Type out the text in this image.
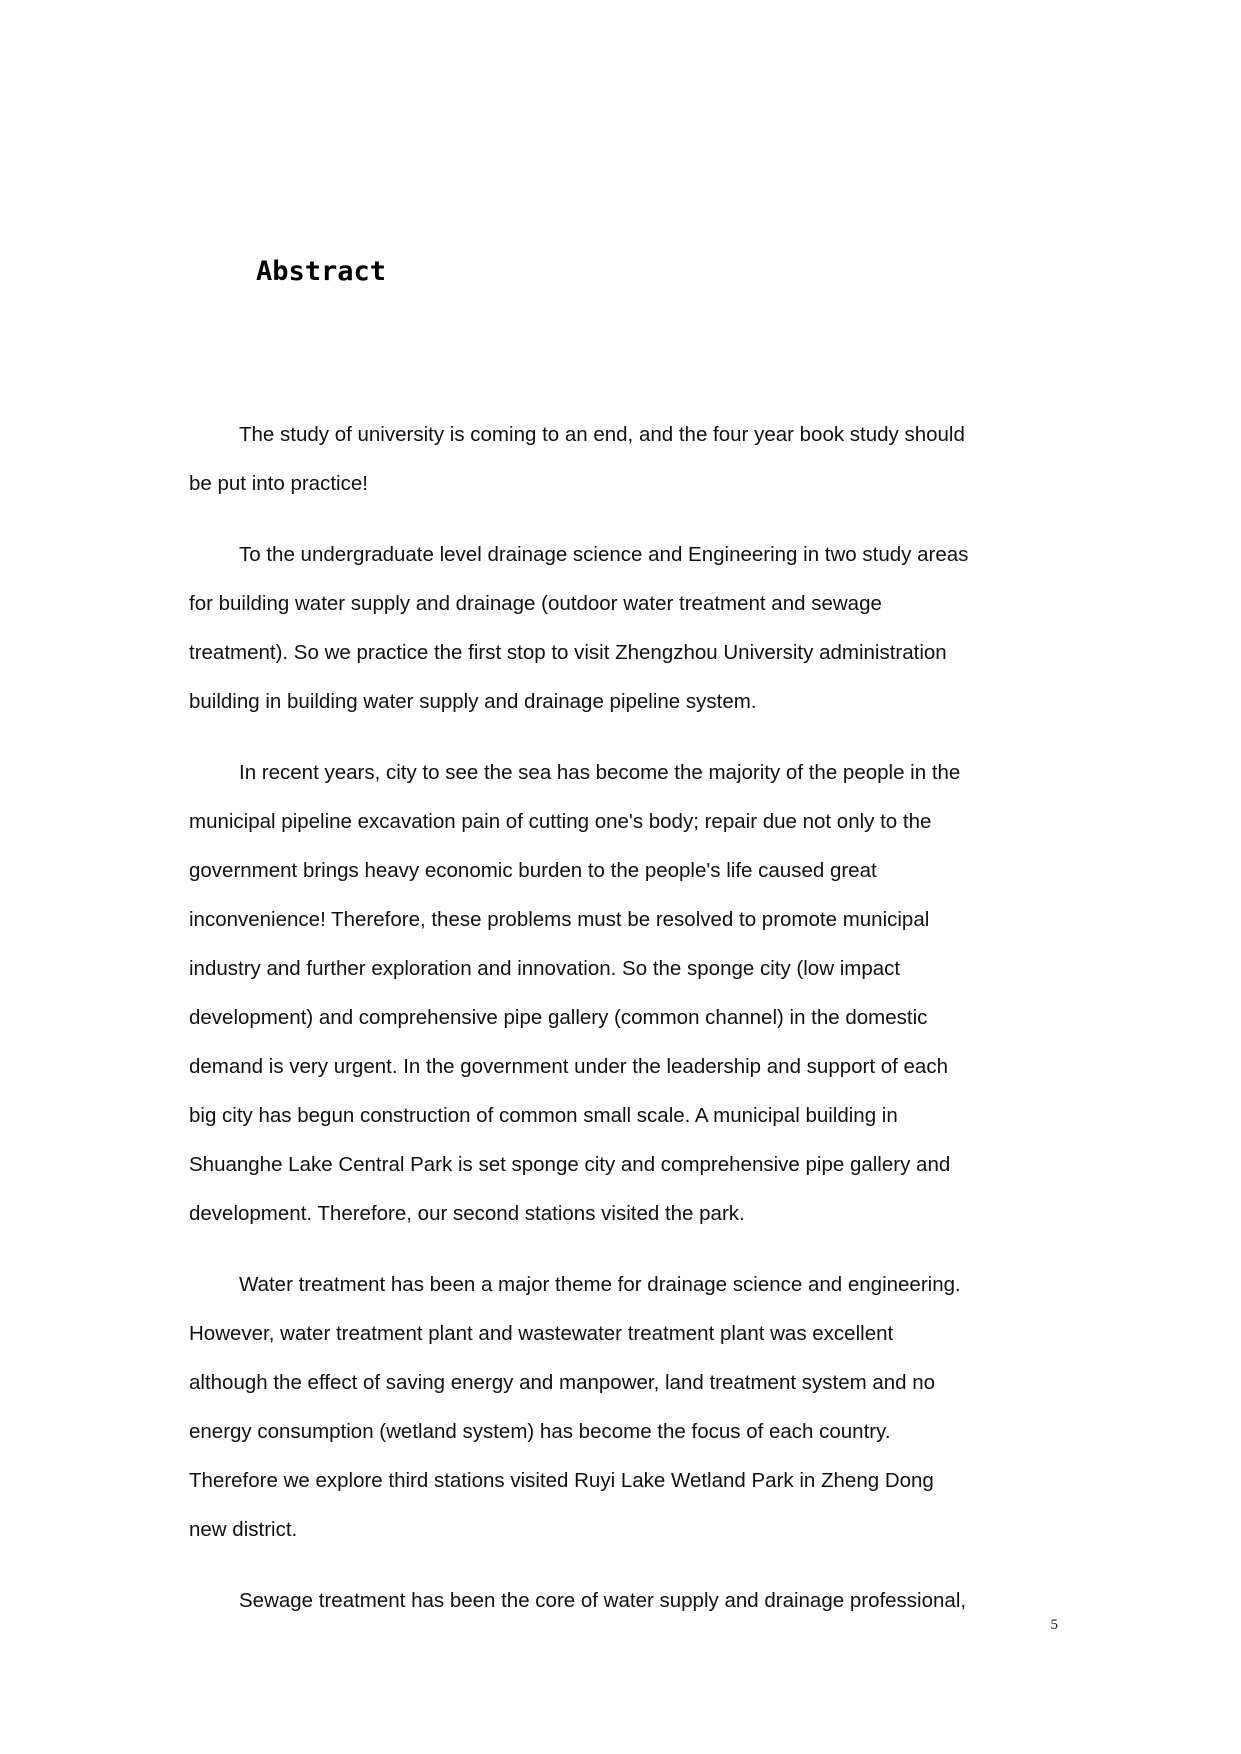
Abstract
The study of university is coming to an end, and the four year book study should
be put into practice!
To the undergraduate level drainage science and Engineering in two study areas
for building water supply and drainage (outdoor water treatment and sewage
treatment). So we practice the first stop to visit Zhengzhou University administration
building in building water supply and drainage pipeline system.
In recent years, city to see the sea has become the majority of the people in the
municipal pipeline excavation pain of cutting one's body; repair due not only to the
government brings heavy economic burden to the people's life caused great
inconvenience! Therefore, these problems must be resolved to promote municipal
industry and further exploration and innovation. So the sponge city (low impact
development) and comprehensive pipe gallery (common channel) in the domestic
demand is very urgent. In the government under the leadership and support of each
big city has begun construction of common small scale. A municipal building in
Shuanghe Lake Central Park is set sponge city and comprehensive pipe gallery and
development. Therefore, our second stations visited the park.
Water treatment has been a major theme for drainage science and engineering.
However, water treatment plant and wastewater treatment plant was excellent
although the effect of saving energy and manpower, land treatment system and no
energy consumption (wetland system) has become the focus of each country.
Therefore we explore third stations visited Ruyi Lake Wetland Park in Zheng Dong
new district.
Sewage treatment has been the core of water supply and drainage professional,
5
